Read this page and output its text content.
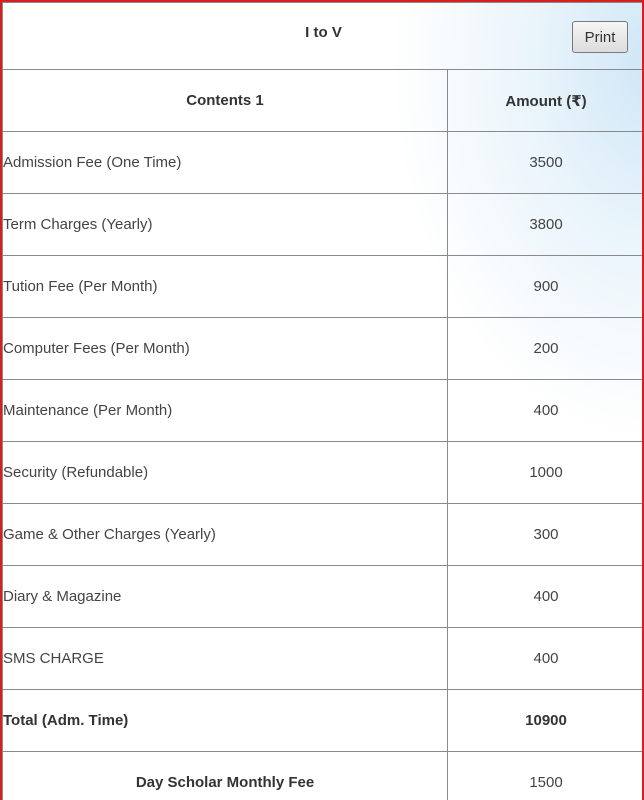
I to V Print	

Contents 1	Amount (₹)
Admission Fee (One Time)	3500
Term Charges (Yearly)	3800
Tution Fee (Per Month)	900
Computer Fees (Per Month)	200
Maintenance (Per Month)	400
Security (Refundable)	1000
Game & Other Charges (Yearly)	300
Diary & Magazine	400
SMS CHARGE	400
Total (Adm. Time)	10900
Day Scholar Monthly Fee	1500
